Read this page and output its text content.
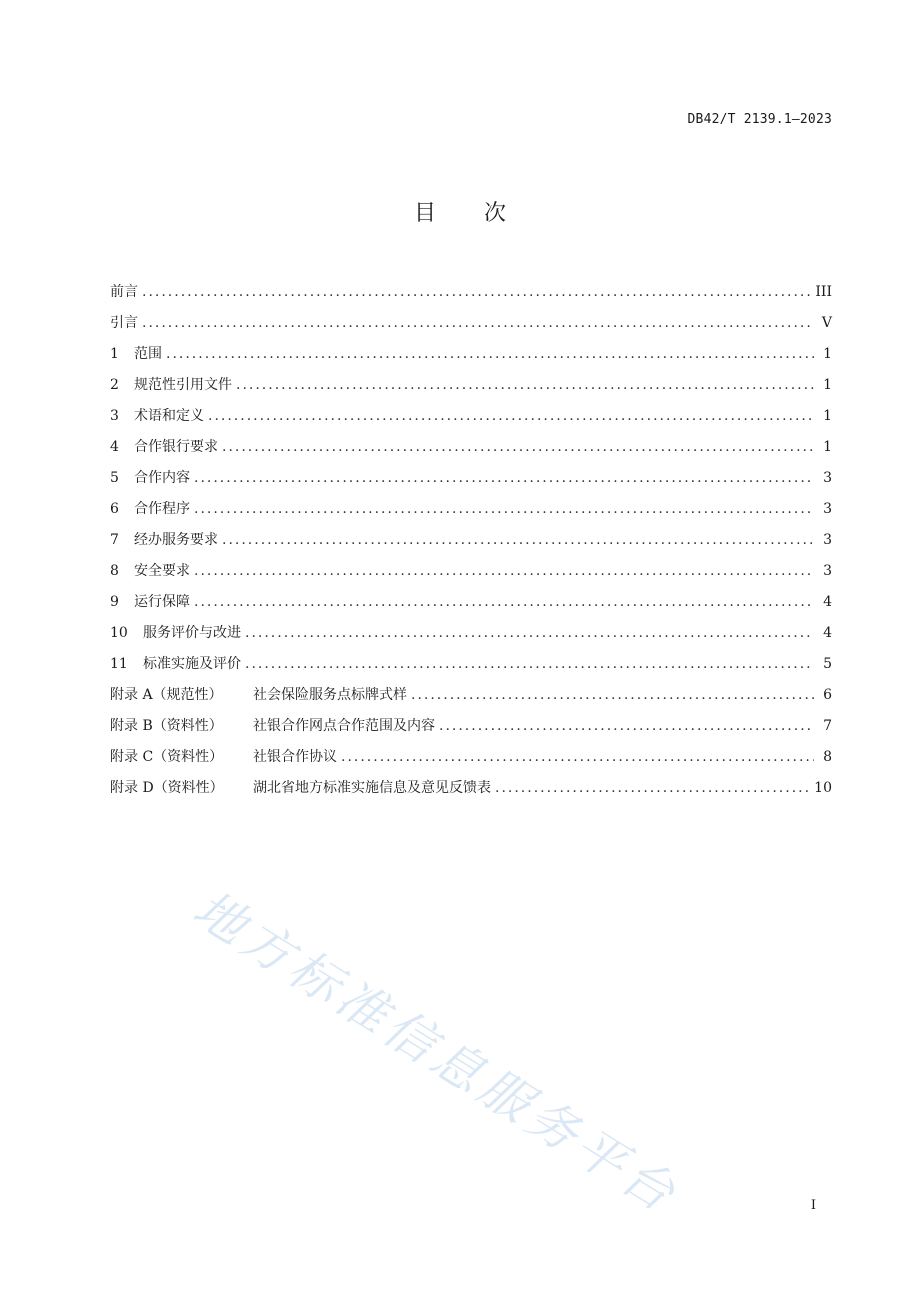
DB42/T 2139.1—2023
目次
前言 .....	III
引言 .....	V
1	范围 .....	1
2	规范性引用文件 .....	1
3	术语和定义 .....	1
4	合作银行要求 .....	1
5	合作内容 .....	3
6	合作程序 .....	3
7	经办服务要求 .....	3
8	安全要求 .....	3
9	运行保障 .....	4
10	服务评价与改进 .....	4
11	标准实施及评价 .....	5
附录 A（规范性）	社会保险服务点标牌式样 .....	6
附录 B（资料性）	社银合作网点合作范围及内容 .....	7
附录 C（资料性）	社银合作协议 .....	8
附录 D（资料性）	湖北省地方标准实施信息及意见反馈表 .....	10
I
地方标准信息服务平台
